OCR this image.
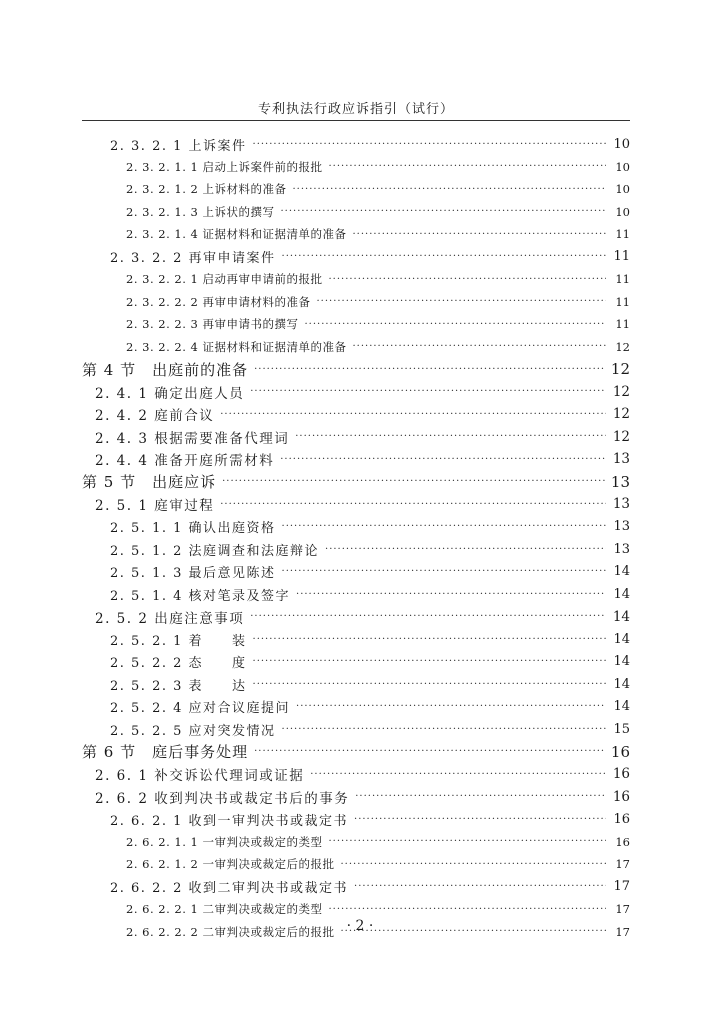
专利执法行政应诉指引（试行）
2. 3. 2. 1 上诉案件 ·····	10
2. 3. 2. 1. 1 启动上诉案件前的报批 ·····	10
2. 3. 2. 1. 2 上诉材料的准备 ·····	10
2. 3. 2. 1. 3 上诉状的撰写 ·····	10
2. 3. 2. 1. 4 证据材料和证据清单的准备 ·····	11
2. 3. 2. 2 再审申请案件 ·····	11
2. 3. 2. 2. 1 启动再审申请前的报批 ·····	11
2. 3. 2. 2. 2 再审申请材料的准备 ·····	11
2. 3. 2. 2. 3 再审申请书的撰写 ·····	11
2. 3. 2. 2. 4 证据材料和证据清单的准备 ·····	12
第 4 节　出庭前的准备 ·····	12
2. 4. 1 确定出庭人员 ·····	12
2. 4. 2 庭前合议 ·····	12
2. 4. 3 根据需要准备代理词 ·····	12
2. 4. 4 准备开庭所需材料 ·····	13
第 5 节　出庭应诉 ·····	13
2. 5. 1 庭审过程 ·····	13
2. 5. 1. 1 确认出庭资格 ·····	13
2. 5. 1. 2 法庭调查和法庭辩论 ·····	13
2. 5. 1. 3 最后意见陈述 ·····	14
2. 5. 1. 4 核对笔录及签字 ·····	14
2. 5. 2 出庭注意事项 ·····	14
2. 5. 2. 1 着　　装 ·····	14
2. 5. 2. 2 态　　度 ·····	14
2. 5. 2. 3 表　　达 ·····	14
2. 5. 2. 4 应对合议庭提问 ·····	14
2. 5. 2. 5 应对突发情况 ·····	15
第 6 节　庭后事务处理 ·····	16
2. 6. 1 补交诉讼代理词或证据 ·····	16
2. 6. 2 收到判决书或裁定书后的事务 ·····	16
2. 6. 2. 1 收到一审判决书或裁定书 ·····	16
2. 6. 2. 1. 1 一审判决或裁定的类型 ·····	16
2. 6. 2. 1. 2 一审判决或裁定后的报批 ·····	17
2. 6. 2. 2 收到二审判决书或裁定书 ·····	17
2. 6. 2. 2. 1 二审判决或裁定的类型 ·····	17
2. 6. 2. 2. 2 二审判决或裁定后的报批 ·····	17
· 2 ·
